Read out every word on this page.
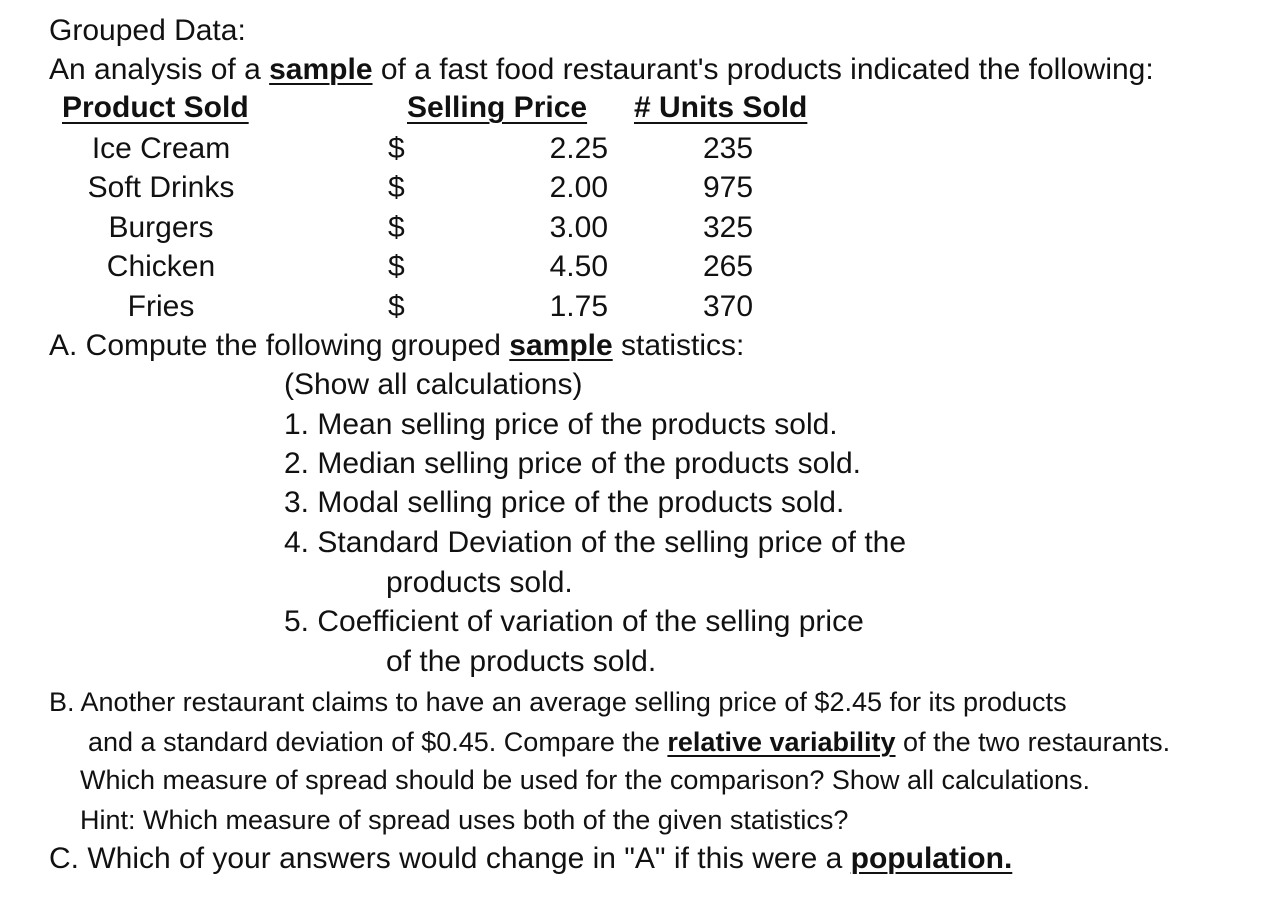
Grouped Data:
An analysis of a sample of a fast food restaurant's products indicated the following:
Product Sold	Selling Price # Units Sold
Ice Cream	$	2.25	235
Soft Drinks	$	2.00	975
Burgers	$	3.00	325
Chicken	$	4.50	265
Fries	$	1.75	370
A. Compute the following grouped sample statistics:
(Show all calculations)
1. Mean selling price of the products sold.
2. Median selling price of the products sold.
3. Modal selling price of the products sold.
4. Standard Deviation of the selling price of the
products sold.
5. Coefficient of variation of the selling price
of the products sold.
B. Another restaurant claims to have an average selling price of $2.45 for its products
and a standard deviation of $0.45. Compare the relative variability of the two restaurants.
Which measure of spread should be used for the comparison? Show all calculations.
Hint: Which measure of spread uses both of the given statistics?
C. Which of your answers would change in "A" if this were a population.
